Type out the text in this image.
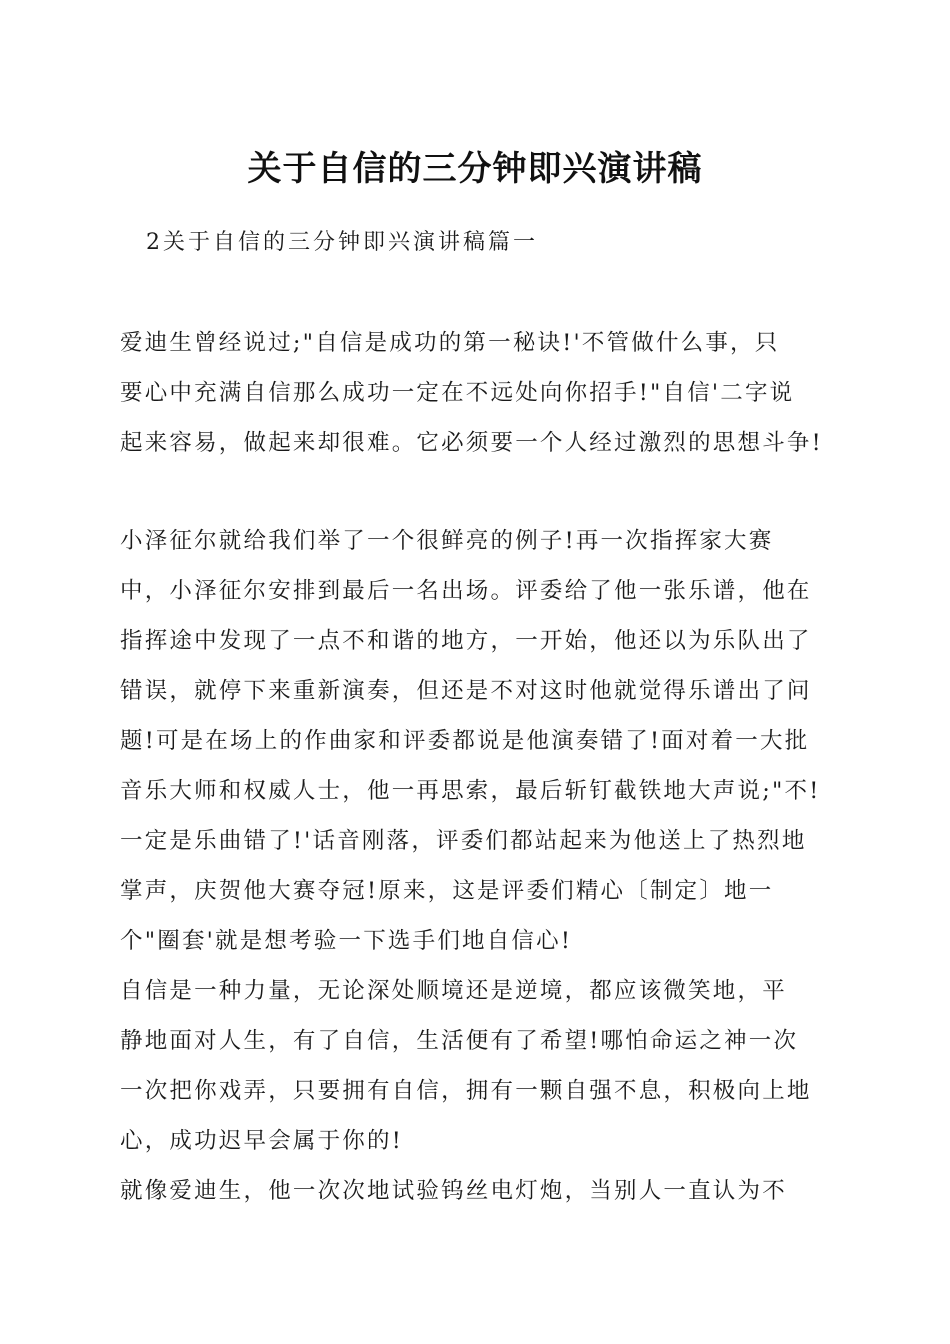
关于自信的三分钟即兴演讲稿
2关于自信的三分钟即兴演讲稿篇一
爱迪生曾经说过;"自信是成功的第一秘诀!'不管做什么事，只
要心中充满自信那么成功一定在不远处向你招手!"自信'二字说
起来容易，做起来却很难。它必须要一个人经过激烈的思想斗争!
小泽征尔就给我们举了一个很鲜亮的例子!再一次指挥家大赛
中，小泽征尔安排到最后一名出场。评委给了他一张乐谱，他在
指挥途中发现了一点不和谐的地方，一开始，他还以为乐队出了
错误，就停下来重新演奏，但还是不对这时他就觉得乐谱出了问
题!可是在场上的作曲家和评委都说是他演奏错了!面对着一大批
音乐大师和权威人士，他一再思索，最后斩钉截铁地大声说;"不!
一定是乐曲错了!'话音刚落，评委们都站起来为他送上了热烈地
掌声，庆贺他大赛夺冠!原来，这是评委们精心〔制定〕地一
个"圈套'就是想考验一下选手们地自信心!
自信是一种力量，无论深处顺境还是逆境，都应该微笑地，平
静地面对人生，有了自信，生活便有了希望!哪怕命运之神一次
一次把你戏弄，只要拥有自信，拥有一颗自强不息，积极向上地
心，成功迟早会属于你的!
就像爱迪生，他一次次地试验钨丝电灯炮，当别人一直认为不
